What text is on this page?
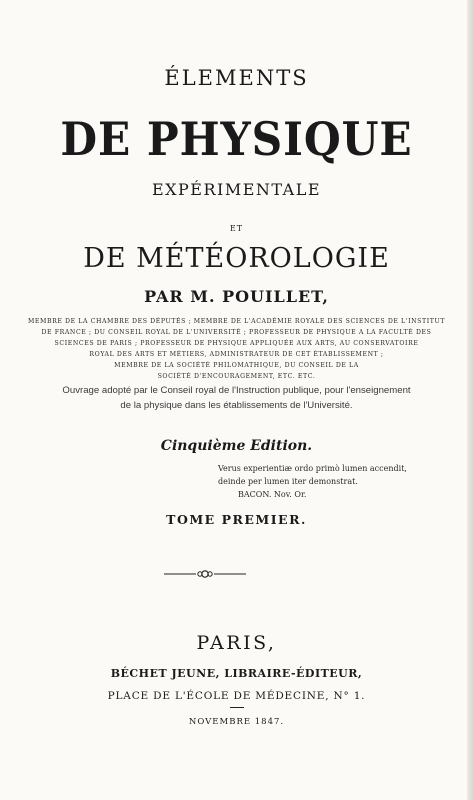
ÉLEMENTS
DE PHYSIQUE
EXPÉRIMENTALE
ET
DE MÉTÉOROLOGIE
PAR M. POUILLET,
MEMBRE DE LA CHAMBRE DES DÉPUTÉS ; MEMBRE DE L'ACADÉMIE ROYALE DES SCIENCES DE L'INSTITUT
DE FRANCE ; DU CONSEIL ROYAL DE L'UNIVERSITÉ ; PROFESSEUR DE PHYSIQUE A LA FACULTÉ DES
SCIENCES DE PARIS ; PROFESSEUR DE PHYSIQUE APPLIQUÉE AUX ARTS, AU CONSERVATOIRE
ROYAL DES ARTS ET MÉTIERS, ADMINISTRATEUR DE CET ÉTABLISSEMENT ;
MEMBRE DE LA SOCIÉTÉ PHILOMATHIQUE, DU CONSEIL DE LA
SOCIÉTÉ D'ENCOURAGEMENT, ETC. ETC.
Ouvrage adopté par le Conseil royal de l'Instruction publique, pour l'enseignement
de la physique dans les établissements de l'Université.
Cinquième Edition.
Verus experientiæ ordo primò lumen accendit,
deinde per lumen iter demonstrat.
BACON. Nov. Or.
TOME PREMIER.
PARIS,
BÉCHET JEUNE, LIBRAIRE-ÉDITEUR,
PLACE DE L'ÉCOLE DE MÉDECINE, N° 1.
NOVEMBRE 1847.
